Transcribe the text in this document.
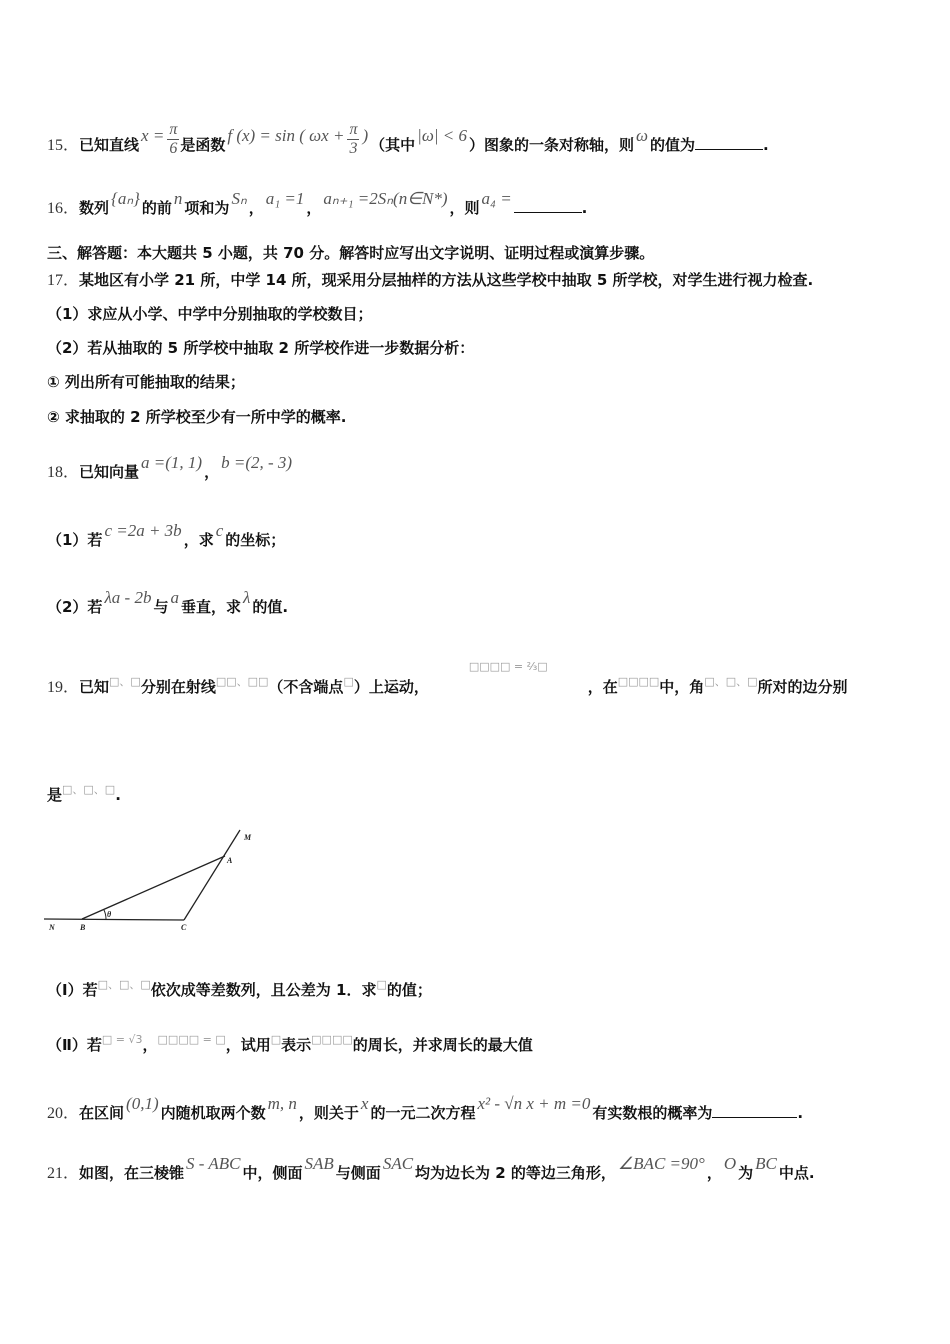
15．已知直线 $x = \frac{\pi}{6}$ 是函数 f (x) = sin ( $\omega x + \frac{\pi}{3}$ ) （其中 |ω| < 6 ）图象的一条对称轴，则 ω 的值为	.
16．数列 {aₙ} 的前 n 项和为 Sₙ ， a₁ =1 ， aₙ₊₁ =2Sₙ(n∈N*) ，则 a₄ =	.
三、解答题：本大题共 5 小题，共 70 分。解答时应写出文字说明、证明过程或演算步骤。
17．某地区有小学 21 所，中学 14 所，现采用分层抽样的方法从这些学校中抽取 5 所学校，对学生进行视力检查.
（1）求应从小学、中学中分别抽取的学校数目；
（2）若从抽取的 5 所学校中抽取 2 所学校作进一步数据分析：
① 列出所有可能抽取的结果；
② 求抽取的 2 所学校至少有一所中学的概率.
18．已知向量 a =(1, 1) ， b =(2, - 3)
（1）若 c =2a + 3b ，求 c 的坐标；
（2）若 λa - 2b 与 a 垂直，求 λ 的值.
19．已知□、□分别在射线□□、□□（不含端点□）上运动，$^{□□□□ = \frac{2}{3}□}$，在□□□□中，角□、□、□所对的边分别
是□、□、□.
（Ⅰ）若□、□、□依次成等差数列，且公差为 1．求□的值；
（Ⅱ）若$^{□ = √3}$，□□□□ = □，试用□表示□□□□的周长，并求周长的最大值
20．在区间 (0,1) 内随机取两个数 m, n ，则关于 x 的一元二次方程 x² - √n x + m =0 有实数根的概率为	.
21．如图，在三棱锥 S - ABC 中，侧面 SAB 与侧面 SAC 均为边长为 2 的等边三角形， ∠BAC =90° ， O 为 BC 中点.
M
A
N	B	C
θ
